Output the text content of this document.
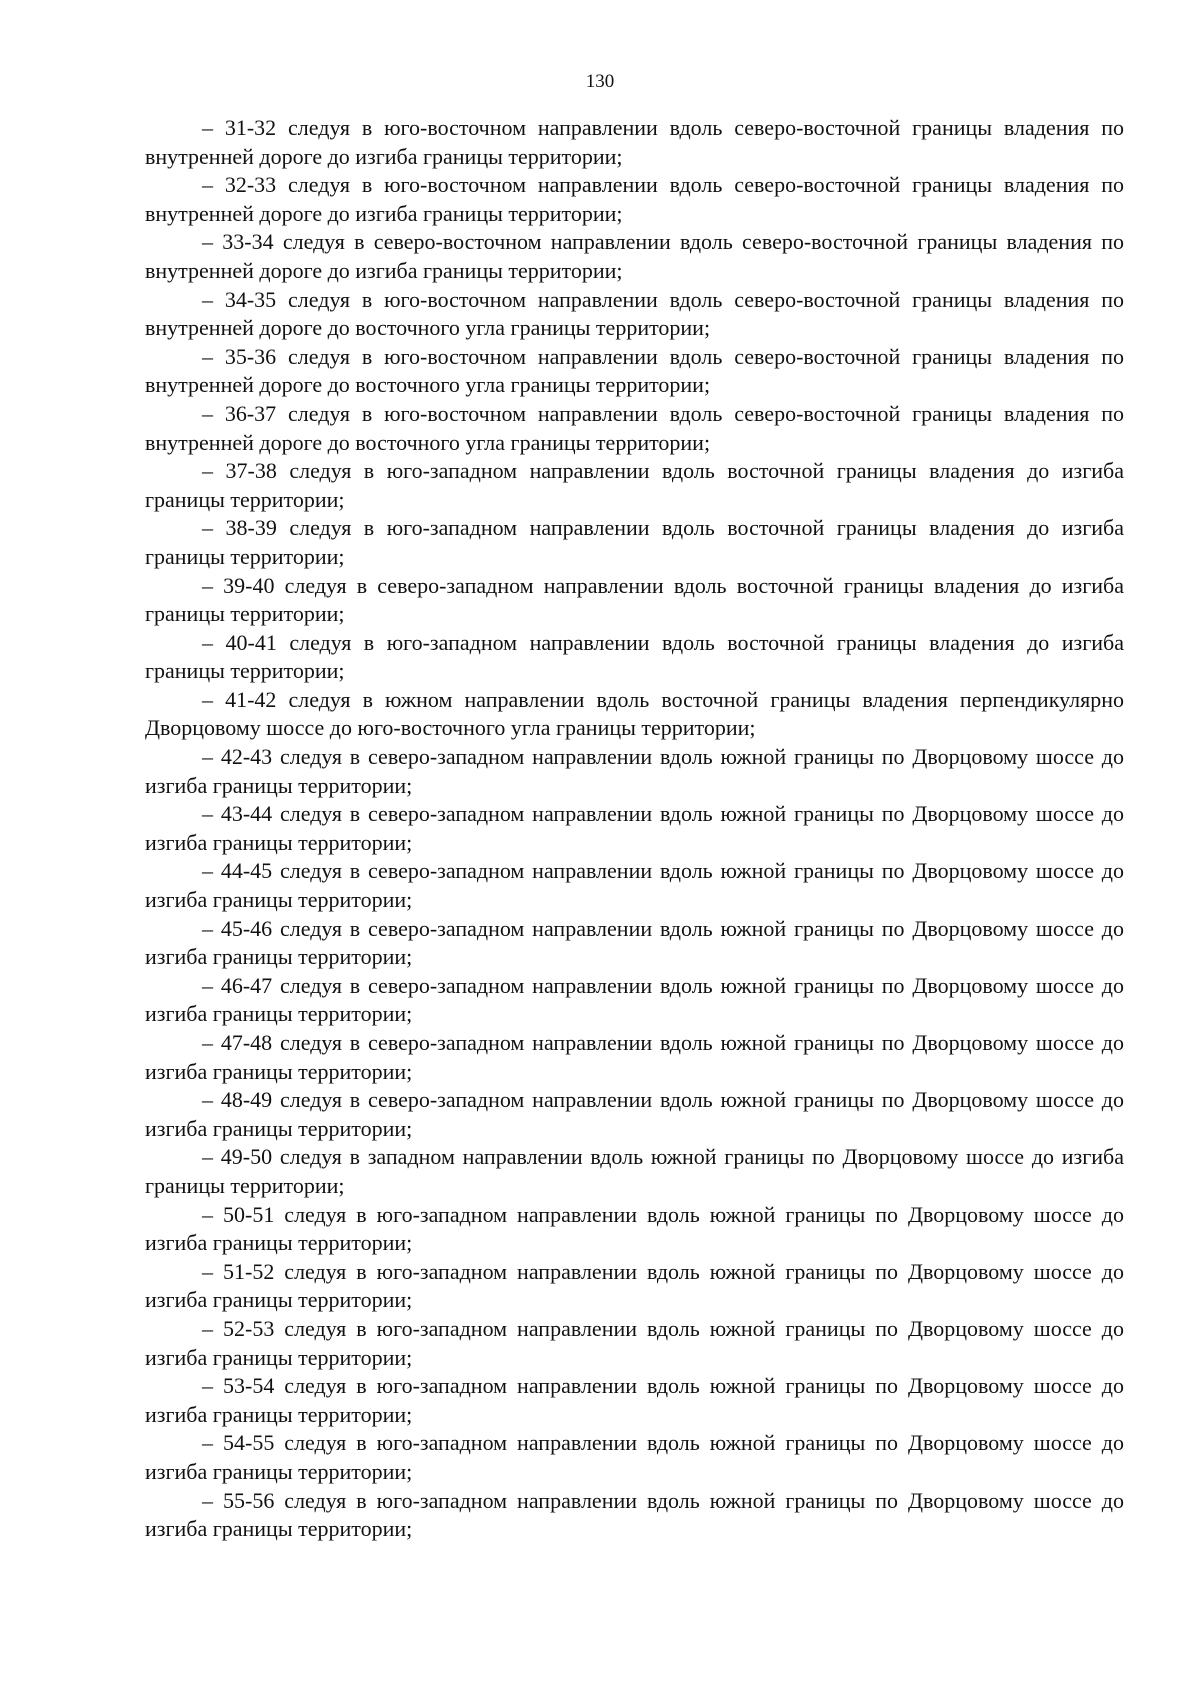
130

– 31-32 следуя в юго-восточном направлении вдоль северо-восточной границы владения по внутренней дороге до изгиба границы территории;

– 32-33 следуя в юго-восточном направлении вдоль северо-восточной границы владения по внутренней дороге до изгиба границы территории;

– 33-34 следуя в северо-восточном направлении вдоль северо-восточной границы владения по внутренней дороге до изгиба границы территории;

– 34-35 следуя в юго-восточном направлении вдоль северо-восточной границы владения по внутренней дороге до восточного угла границы территории;

– 35-36 следуя в юго-восточном направлении вдоль северо-восточной границы владения по внутренней дороге до восточного угла границы территории;

– 36-37 следуя в юго-восточном направлении вдоль северо-восточной границы владения по внутренней дороге до восточного угла границы территории;

– 37-38 следуя в юго-западном направлении вдоль восточной границы владения до изгиба границы территории;

– 38-39 следуя в юго-западном направлении вдоль восточной границы владения до изгиба границы территории;

– 39-40 следуя в северо-западном направлении вдоль восточной границы владения до изгиба границы территории;

– 40-41 следуя в юго-западном направлении вдоль восточной границы владения до изгиба границы территории;

– 41-42 следуя в южном направлении вдоль восточной границы владения перпендикулярно Дворцовому шоссе до юго-восточного угла границы территории;

– 42-43 следуя в северо-западном направлении вдоль южной границы по Дворцовому шоссе до изгиба границы территории;

– 43-44 следуя в северо-западном направлении вдоль южной границы по Дворцовому шоссе до изгиба границы территории;

– 44-45 следуя в северо-западном направлении вдоль южной границы по Дворцовому шоссе до изгиба границы территории;

– 45-46 следуя в северо-западном направлении вдоль южной границы по Дворцовому шоссе до изгиба границы территории;

– 46-47 следуя в северо-западном направлении вдоль южной границы по Дворцовому шоссе до изгиба границы территории;

– 47-48 следуя в северо-западном направлении вдоль южной границы по Дворцовому шоссе до изгиба границы территории;

– 48-49 следуя в северо-западном направлении вдоль южной границы по Дворцовому шоссе до изгиба границы территории;

– 49-50 следуя в западном направлении вдоль южной границы по Дворцовому шоссе до изгиба границы территории;

– 50-51 следуя в юго-западном направлении вдоль южной границы по Дворцовому шоссе до изгиба границы территории;

– 51-52 следуя в юго-западном направлении вдоль южной границы по Дворцовому шоссе до изгиба границы территории;

– 52-53 следуя в юго-западном направлении вдоль южной границы по Дворцовому шоссе до изгиба границы территории;

– 53-54 следуя в юго-западном направлении вдоль южной границы по Дворцовому шоссе до изгиба границы территории;

– 54-55 следуя в юго-западном направлении вдоль южной границы по Дворцовому шоссе до изгиба границы территории;

– 55-56 следуя в юго-западном направлении вдоль южной границы по Дворцовому шоссе до изгиба границы территории;
